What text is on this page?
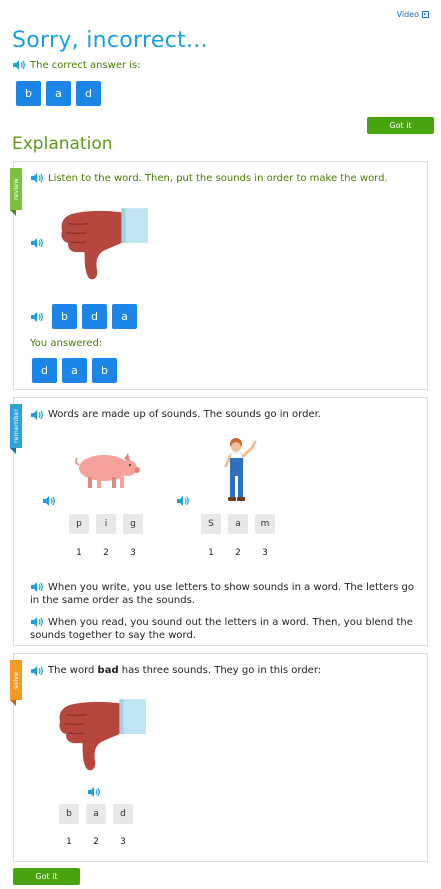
Video
Sorry, incorrect...
The correct answer is:
b	a	d
Got it
Explanation
review
Listen to the word. Then, put the sounds in order to make the word.
b	d	a
You answered:
d	a	b
remember	Words are made up of sounds. The sounds go in order.
p	i	g
1	2	3
S	a	m
1	2	3
When you write, you use letters to show sounds in a word. The letters go in the same order as the sounds.
When you read, you sound out the letters in a word. Then, you blend the sounds together to say the word.
solve
The word bad has three sounds. They go in this order:
b	a	d
1	2	3
Got it
